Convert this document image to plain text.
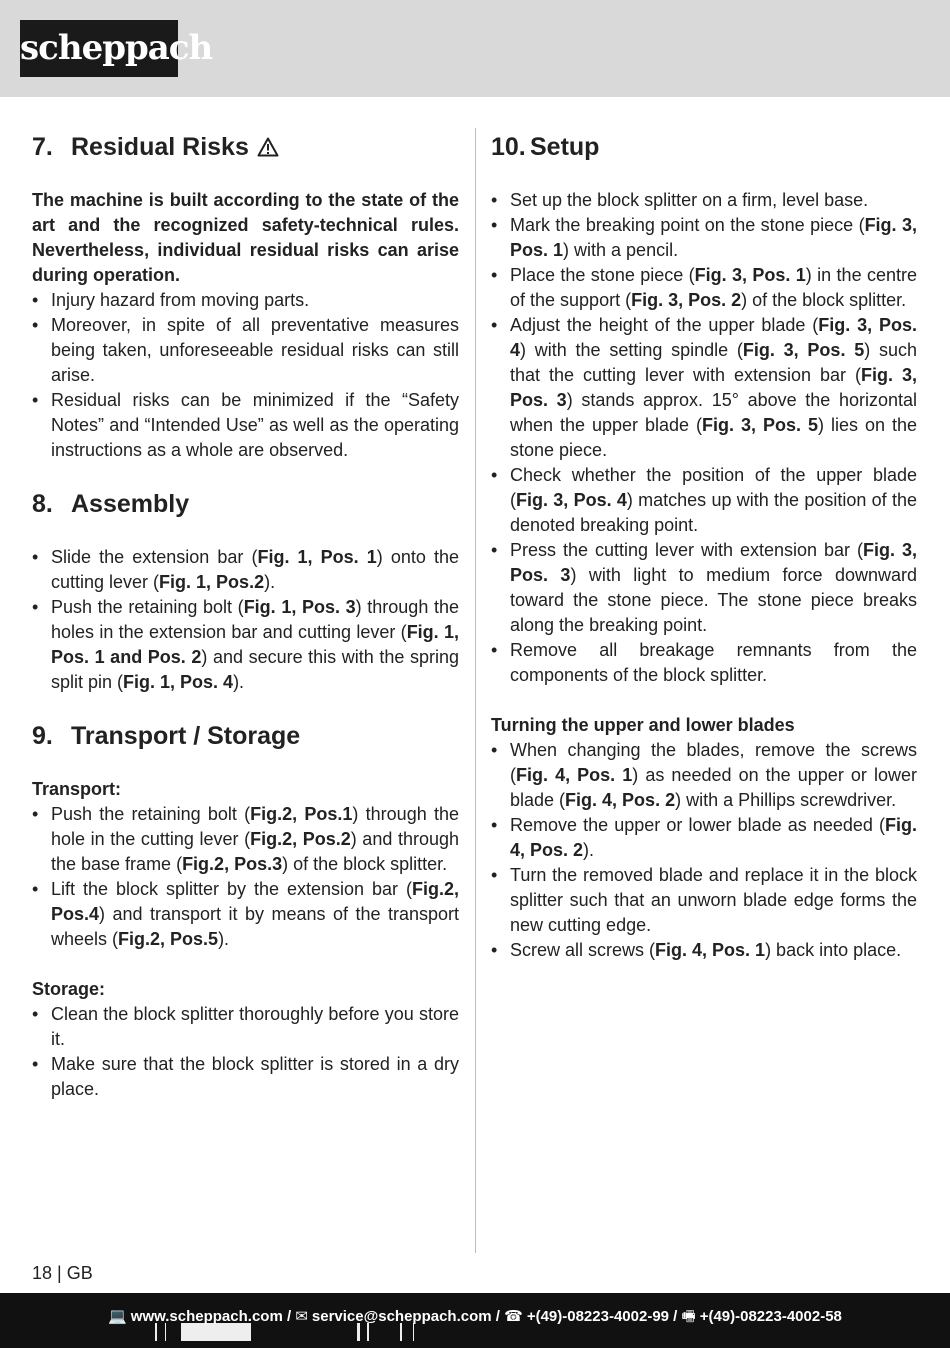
scheppach
7. Residual Risks

The machine is built according to the state of the art and the recognized safety-technical rules. Nevertheless, individual residual risks can arise during operation.

• Injury hazard from moving parts.
• Moreover, in spite of all preventative measures being taken, unforeseeable residual risks can still arise.
• Residual risks can be minimized if the “Safety Notes” and “Intended Use” as well as the operating instructions as a whole are observed.
8. Assembly
• Slide the extension bar (Fig. 1, Pos. 1) onto the cutting lever (Fig. 1, Pos.2).
• Push the retaining bolt (Fig. 1, Pos. 3) through the holes in the extension bar and cutting lever (Fig. 1, Pos. 1 and Pos. 2) and secure this with the spring split pin (Fig. 1, Pos. 4).
9. Transport / Storage

Transport:

• Push the retaining bolt (Fig.2, Pos.1) through the hole in the cutting lever (Fig.2, Pos.2) and through the base frame (Fig.2, Pos.3) of the block splitter.
• Lift the block splitter by the extension bar (Fig.2, Pos.4) and transport it by means of the transport wheels (Fig.2, Pos.5).

Storage:

• Clean the block splitter thoroughly before you store it.
• Make sure that the block splitter is stored in a dry place.
10. Setup
• Set up the block splitter on a firm, level base.
• Mark the breaking point on the stone piece (Fig. 3, Pos. 1) with a pencil.
• Place the stone piece (Fig. 3, Pos. 1) in the centre of the support (Fig. 3, Pos. 2) of the block splitter.
• Adjust the height of the upper blade (Fig. 3, Pos. 4) with the setting spindle (Fig. 3, Pos. 5) such that the cutting lever with extension bar (Fig. 3, Pos. 3) stands approx. 15° above the horizontal when the upper blade (Fig. 3, Pos. 5) lies on the stone piece.
• Check whether the position of the upper blade (Fig. 3, Pos. 4) matches up with the position of the denoted breaking point.
• Press the cutting lever with extension bar (Fig. 3, Pos. 3) with light to medium force downward toward the stone piece. The stone piece breaks along the breaking point.
• Remove all breakage remnants from the components of the block splitter.

Turning the upper and lower blades

• When changing the blades, remove the screws (Fig. 4, Pos. 1) as needed on the upper or lower blade (Fig. 4, Pos. 2) with a Phillips screwdriver.
• Remove the upper or lower blade as needed (Fig. 4, Pos. 2).
• Turn the removed blade and replace it in the block splitter such that an unworn blade edge forms the new cutting edge.
• Screw all screws (Fig. 4, Pos. 1) back into place.
18 | GB
💻 www.scheppach.com / ✉ service@scheppach.com / ☎ +(49)-08223-4002-99 / 🖷 +(49)-08223-4002-58
